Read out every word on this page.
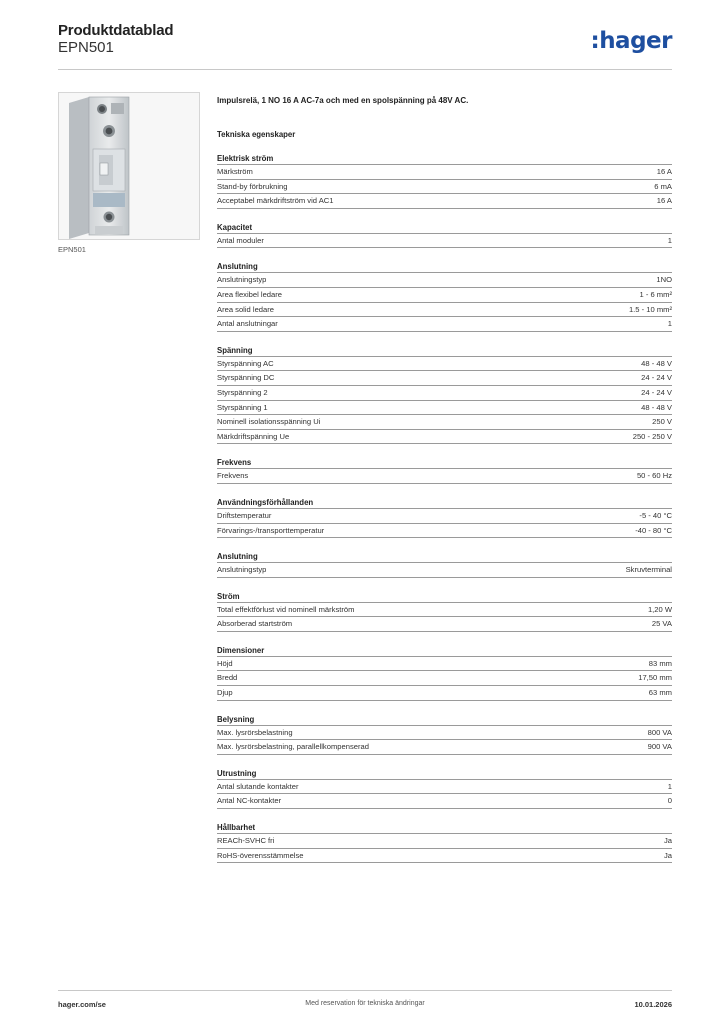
Produktdatablad
EPN501	:hager
EPN501
Impulsrelä, 1 NO 16 A AC-7a och med en spolspänning på 48V AC.
Tekniska egenskaper
Elektrisk ström
Märkström	16 A
Stand-by förbrukning	6 mA
Acceptabel märkdriftström vid AC1	16 A
Kapacitet
Antal moduler	1
Anslutning
Anslutningstyp	1NO
Area flexibel ledare	1 - 6 mm²
Area solid ledare	1.5 - 10 mm²
Antal anslutningar	1
Spänning
Styrspänning AC	48 - 48 V
Styrspänning DC	24 - 24 V
Styrspänning 2	24 - 24 V
Styrspänning 1	48 - 48 V
Nominell isolationsspänning Ui	250 V
Märkdriftspänning Ue	250 - 250 V
Frekvens
Frekvens	50 - 60 Hz
Användningsförhållanden
Driftstemperatur	-5 - 40 °C
Förvarings-/transporttemperatur	-40 - 80 °C
Anslutning
Anslutningstyp	Skruvterminal
Ström
Total effektförlust vid nominell märkström	1,20 W
Absorberad startström	25 VA
Dimensioner
Höjd	83 mm
Bredd	17,50 mm
Djup	63 mm
Belysning
Max. lysrörsbelastning	800 VA
Max. lysrörsbelastning, parallellkompenserad	900 VA
Utrustning
Antal slutande kontakter	1
Antal NC-kontakter	0
Hållbarhet
REACh-SVHC fri	Ja
RoHS-överensstämmelse	Ja
hager.com/se	Med reservation för tekniska ändringar	10.01.2026
